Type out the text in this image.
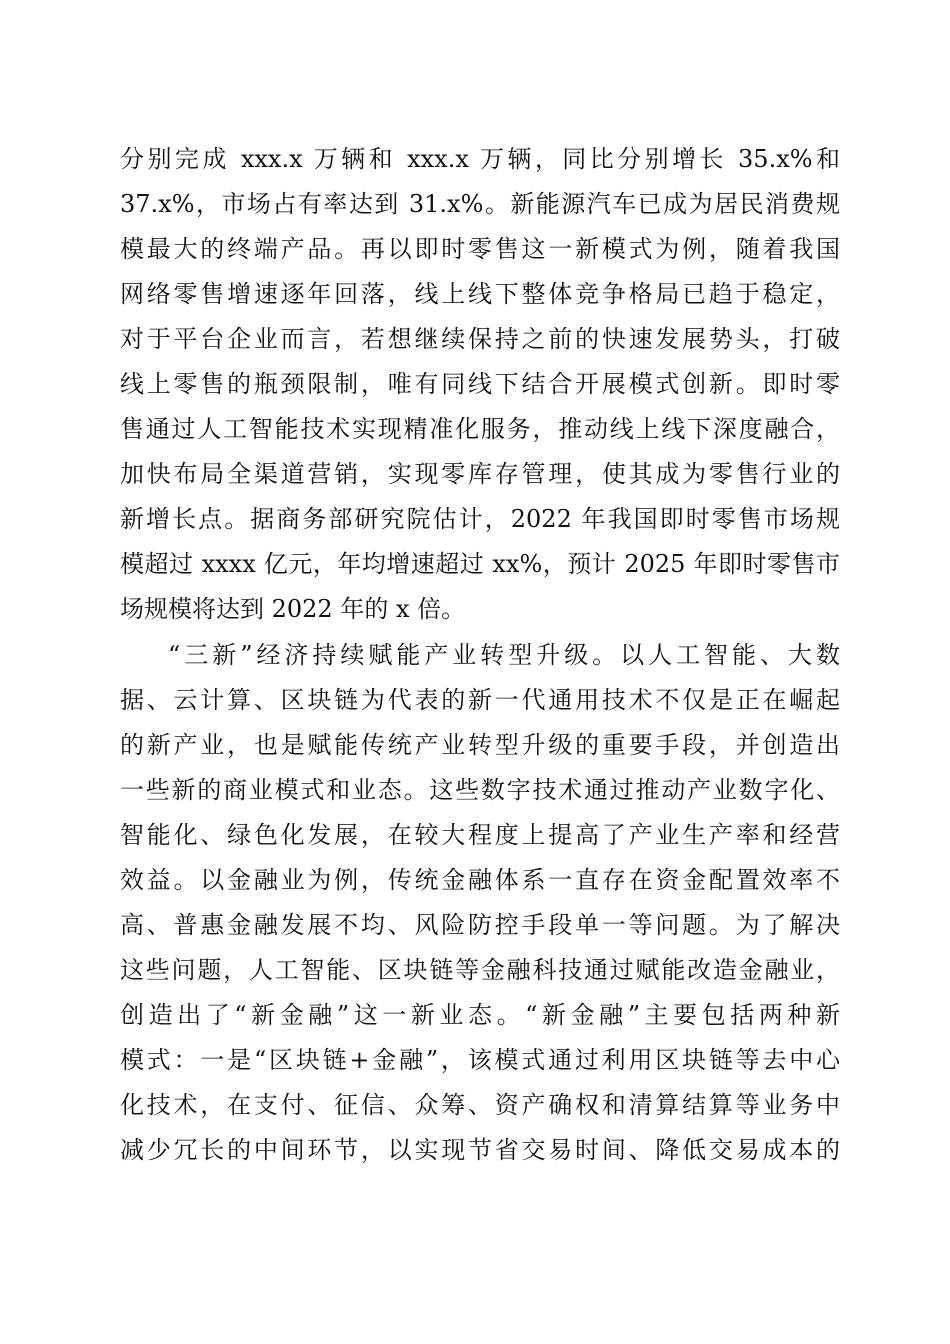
分别完成 xxx.x 万辆和 xxx.x 万辆，同比分别增长 35.x%和
37.x%，市场占有率达到 31.x%。新能源汽车已成为居民消费规
模最大的终端产品。再以即时零售这一新模式为例，随着我国
网络零售增速逐年回落，线上线下整体竞争格局已趋于稳定，
对于平台企业而言，若想继续保持之前的快速发展势头，打破
线上零售的瓶颈限制，唯有同线下结合开展模式创新。即时零
售通过人工智能技术实现精准化服务，推动线上线下深度融合，
加快布局全渠道营销，实现零库存管理，使其成为零售行业的
新增长点。据商务部研究院估计，2022 年我国即时零售市场规
模超过 xxxx 亿元，年均增速超过 xx%，预计 2025 年即时零售市
场规模将达到 2022 年的 x 倍。
“三新”经济持续赋能产业转型升级。以人工智能、大数
据、云计算、区块链为代表的新一代通用技术不仅是正在崛起
的新产业，也是赋能传统产业转型升级的重要手段，并创造出
一些新的商业模式和业态。这些数字技术通过推动产业数字化、
智能化、绿色化发展，在较大程度上提高了产业生产率和经营
效益。以金融业为例，传统金融体系一直存在资金配置效率不
高、普惠金融发展不均、风险防控手段单一等问题。为了解决
这些问题，人工智能、区块链等金融科技通过赋能改造金融业，
创造出了“新金融”这一新业态。“新金融”主要包括两种新
模式：一是“区块链+金融”，该模式通过利用区块链等去中心
化技术，在支付、征信、众筹、资产确权和清算结算等业务中
减少冗长的中间环节，以实现节省交易时间、降低交易成本的
